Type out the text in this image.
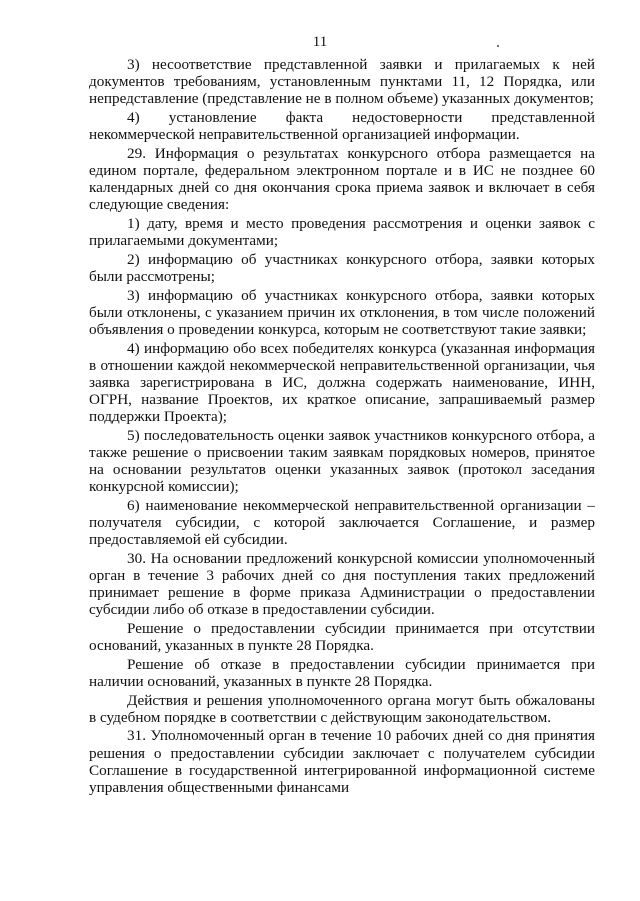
11

3) несоответствие представленной заявки и прилагаемых к ней документов требованиям, установленным пунктами 11, 12 Порядка, или непредставление (представление не в полном объеме) указанных документов;

4) установление факта недостоверности представленной некоммерческой неправительственной организацией информации.

29. Информация о результатах конкурсного отбора размещается на едином портале, федеральном электронном портале и в ИС не позднее 60 календарных дней со дня окончания срока приема заявок и включает в себя следующие сведения:

1) дату, время и место проведения рассмотрения и оценки заявок с прилагаемыми документами;

2) информацию об участниках конкурсного отбора, заявки которых были рассмотрены;

3) информацию об участниках конкурсного отбора, заявки которых были отклонены, с указанием причин их отклонения, в том числе положений объявления о проведении конкурса, которым не соответствуют такие заявки;

4) информацию обо всех победителях конкурса (указанная информация в отношении каждой некоммерческой неправительственной организации, чья заявка зарегистрирована в ИС, должна содержать наименование, ИНН, ОГРН, название Проектов, их краткое описание, запрашиваемый размер поддержки Проекта);

5) последовательность оценки заявок участников конкурсного отбора, а также решение о присвоении таким заявкам порядковых номеров, принятое на основании результатов оценки указанных заявок (протокол заседания конкурсной комиссии);

6) наименование некоммерческой неправительственной организации – получателя субсидии, с которой заключается Соглашение, и размер предоставляемой ей субсидии.

30. На основании предложений конкурсной комиссии уполномоченный орган в течение 3 рабочих дней со дня поступления таких предложений принимает решение в форме приказа Администрации о предоставлении субсидии либо об отказе в предоставлении субсидии.

Решение о предоставлении субсидии принимается при отсутствии оснований, указанных в пункте 28 Порядка.

Решение об отказе в предоставлении субсидии принимается при наличии оснований, указанных в пункте 28 Порядка.

Действия и решения уполномоченного органа могут быть обжалованы в судебном порядке в соответствии с действующим законодательством.

31. Уполномоченный орган в течение 10 рабочих дней со дня принятия решения о предоставлении субсидии заключает с получателем субсидии Соглашение в государственной интегрированной информационной системе управления общественными финансами
